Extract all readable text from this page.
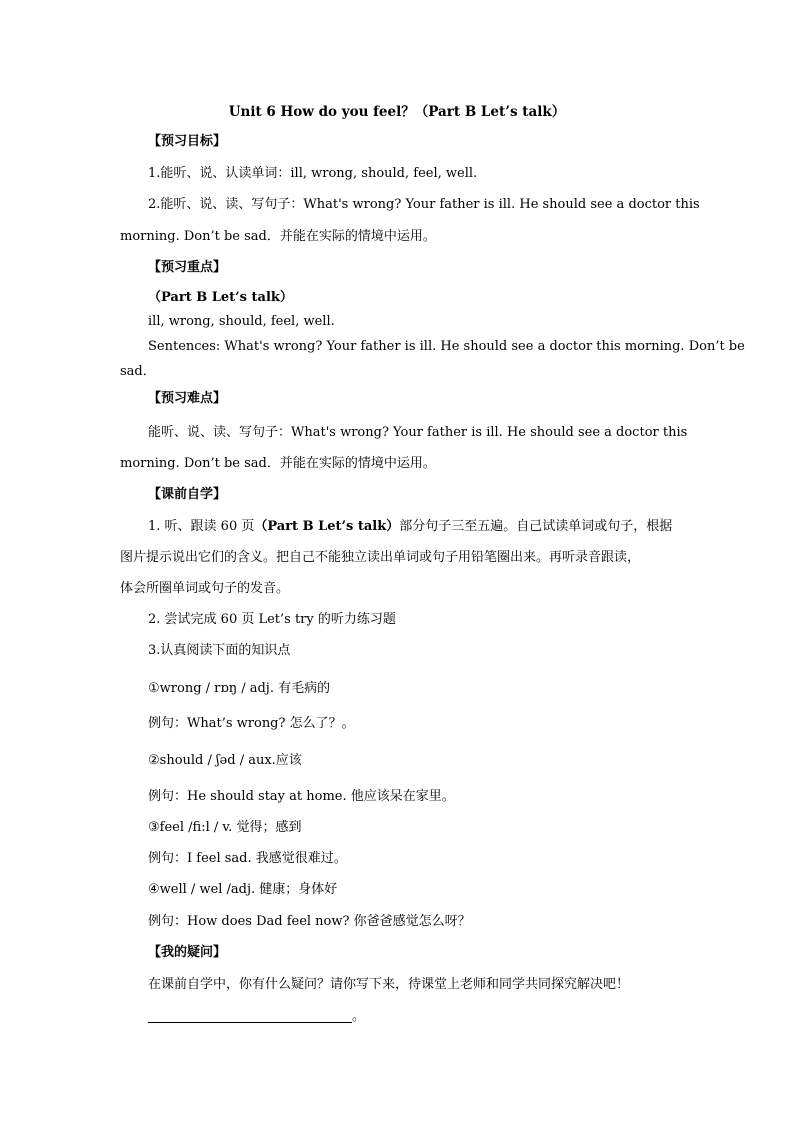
Unit 6 How do you feel？（Part B Let’s talk）
【预习目标】
1.能听、说、认读单词：ill, wrong, should, feel, well.
2.能听、说、读、写句子：What's wrong? Your father is ill. He should see a doctor this
morning. Don’t be sad．并能在实际的情境中运用。
【预习重点】
（Part B Let’s talk）
ill, wrong, should, feel, well.
Sentences: What's wrong? Your father is ill. He should see a doctor this morning. Don’t be
sad．
【预习难点】
能听、说、读、写句子：What's wrong? Your father is ill. He should see a doctor this
morning. Don’t be sad．并能在实际的情境中运用。
【课前自学】
1. 听、跟读 60 页（Part B Let’s talk）部分句子三至五遍。自己试读单词或句子，根据
图片提示说出它们的含义。把自己不能独立读出单词或句子用铅笔圈出来。再听录音跟读，
体会所圈单词或句子的发音。
2. 尝试完成 60 页 Let’s try 的听力练习题
3.认真阅读下面的知识点
①wrong / rɒŋ / adj. 有毛病的
例句：What’s wrong? 怎么了？。
②should / ʃəd / aux.应该
例句：He should stay at home. 他应该呆在家里。
③feel /fi:l / v. 觉得；感到
例句：I feel sad. 我感觉很难过。
④well / wel /adj. 健康；身体好
例句：How does Dad feel now? 你爸爸感觉怎么呀？
【我的疑问】
在课前自学中，你有什么疑问？请你写下来，待课堂上老师和同学共同探究解决吧！
。
